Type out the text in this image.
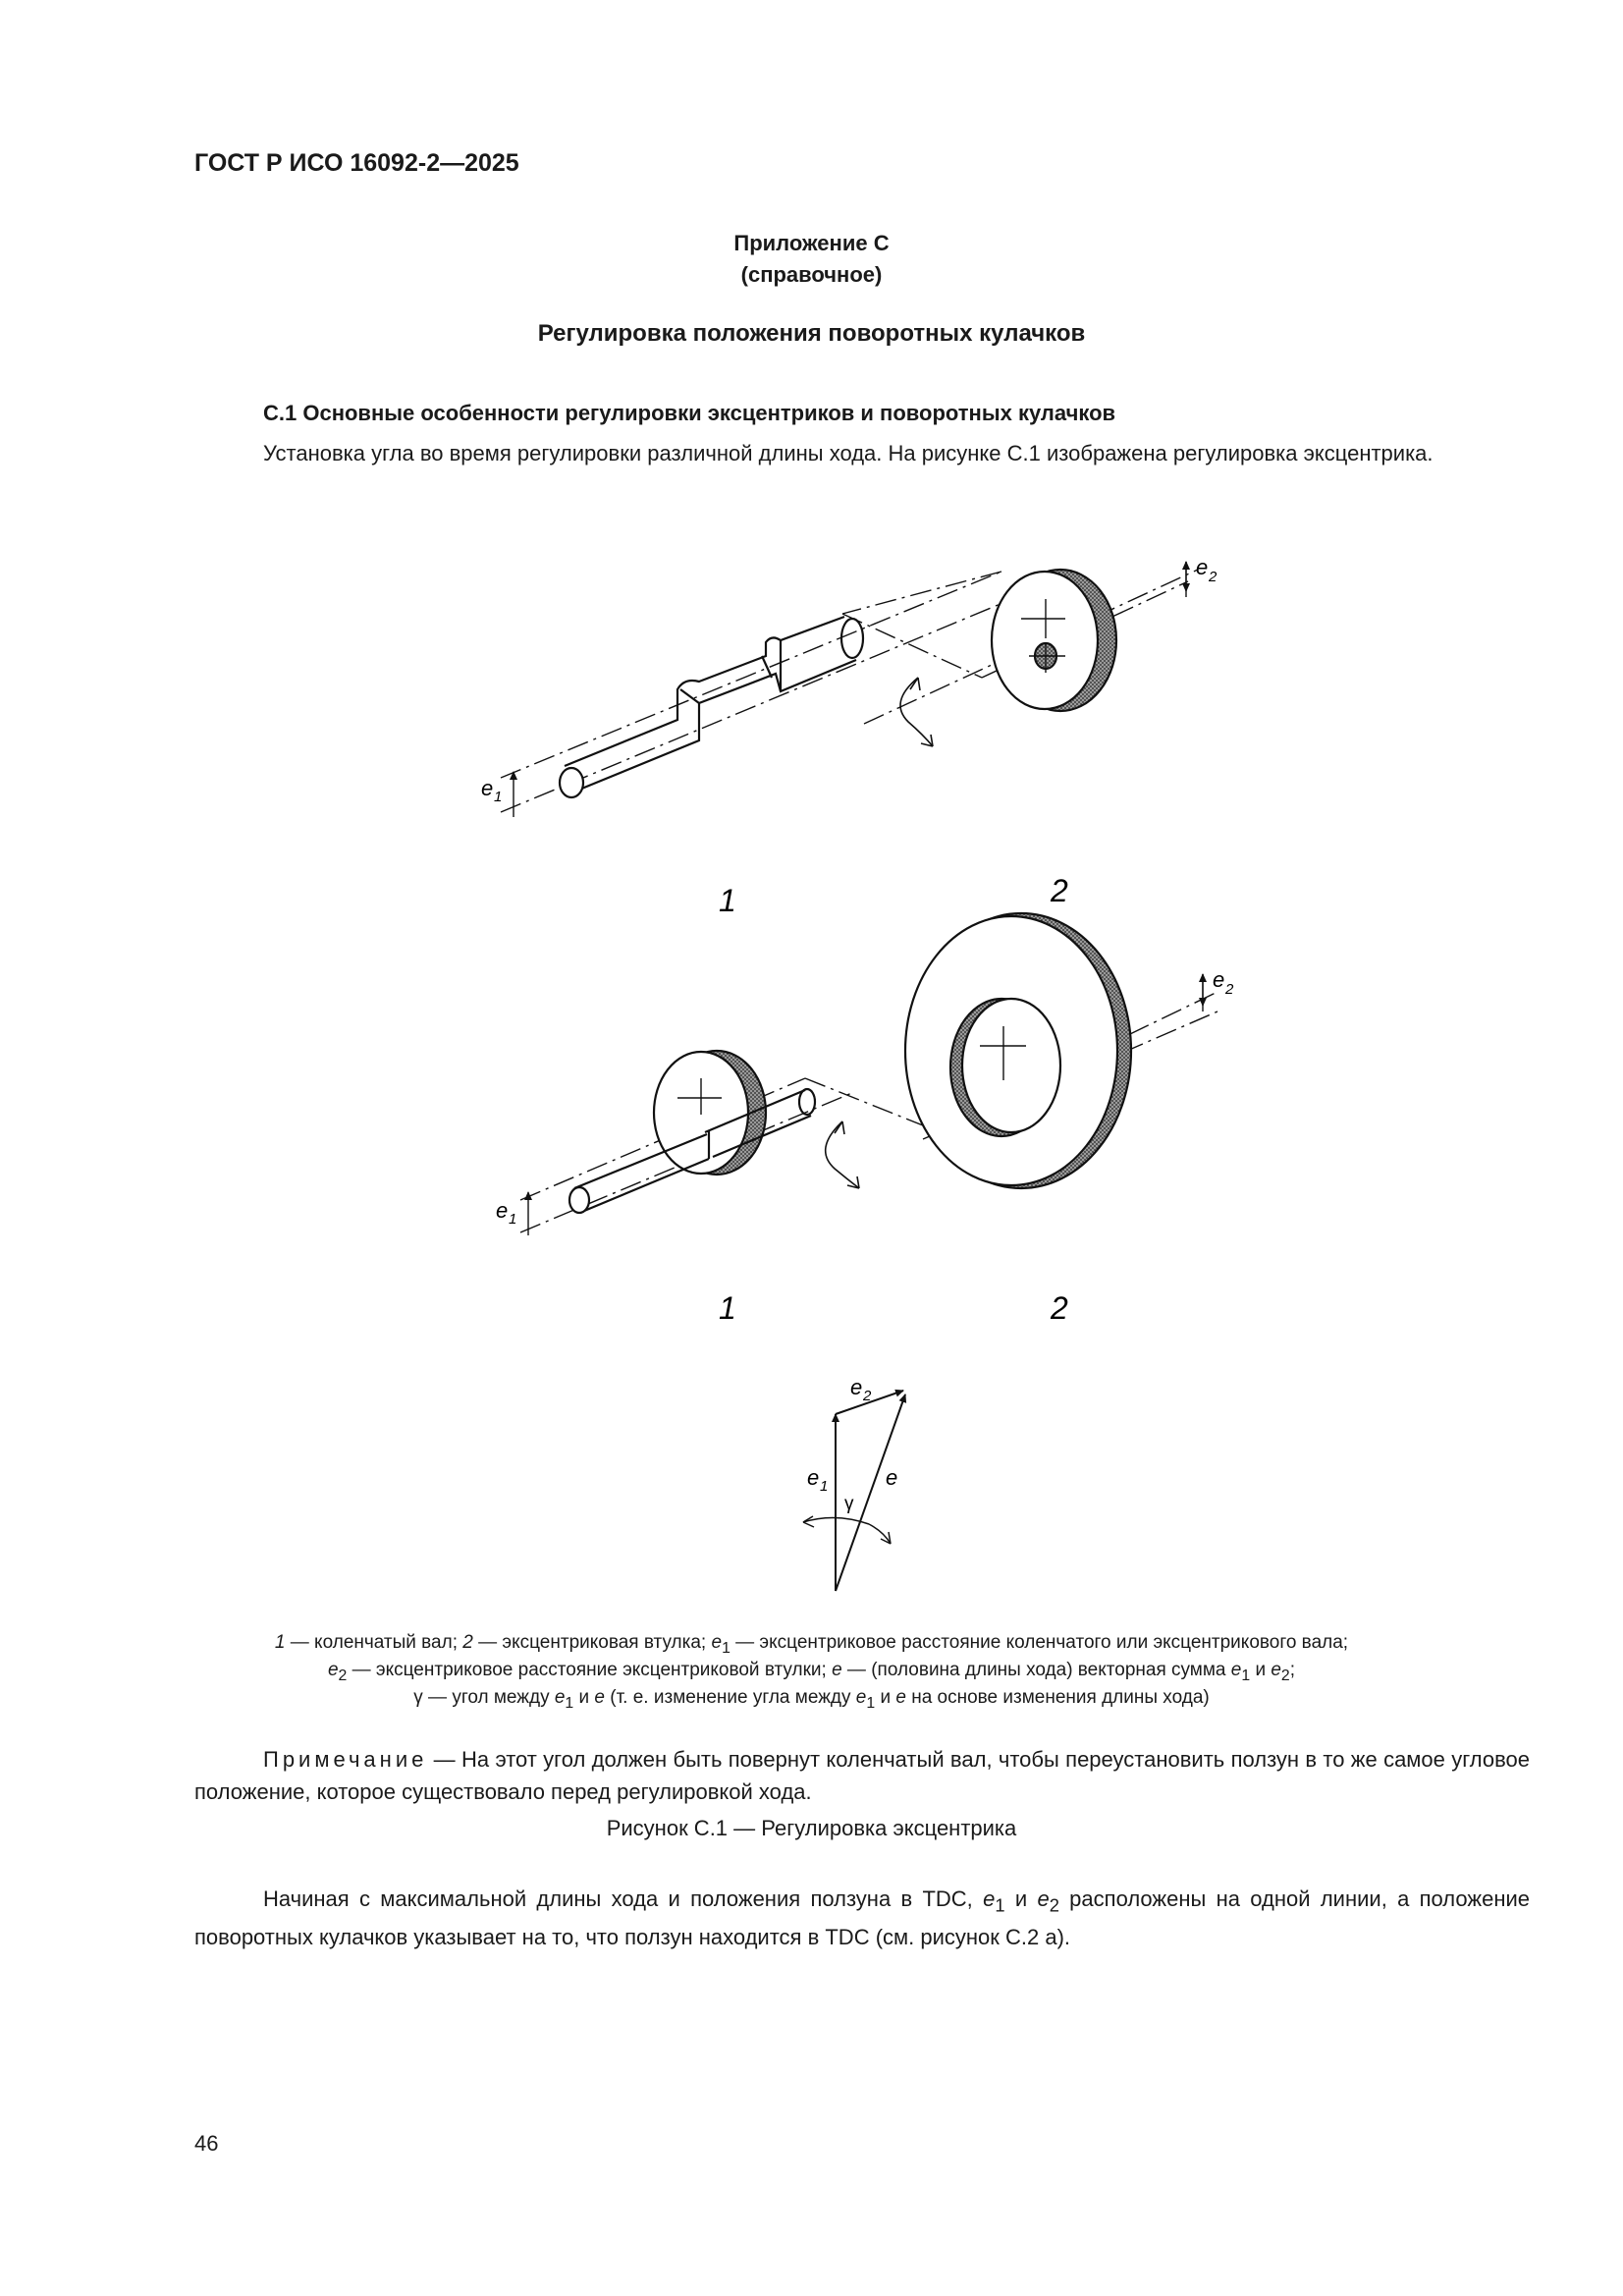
ГОСТ Р ИСО 16092-2—2025
Приложение С
(справочное)
Регулировка положения поворотных кулачков
С.1 Основные особенности регулировки эксцентриков и поворотных кулачков
Установка угла во время регулировки различной длины хода. На рисунке С.1 изображена регулировка эксцентрика.
e 1
e 2
1	2
e 1
e 2
1	2
e 2
e 1	e
γ
1 — коленчатый вал; 2 — эксцентриковая втулка; $e_1$ — эксцентриковое расстояние коленчатого или эксцентрикового вала;
$e_2$ — эксцентриковое расстояние эксцентриковой втулки; e — (половина длины хода) векторная сумма $e_1$ и $e_2$;
γ — угол между $e_1$ и e (т. е. изменение угла между $e_1$ и e на основе изменения длины хода)
Примечание — На этот угол должен быть повернут коленчатый вал, чтобы переустановить ползун в то же самое угловое положение, которое существовало перед регулировкой хода.
Рисунок С.1 — Регулировка эксцентрика
Начиная с максимальной длины хода и положения ползуна в TDC, $e_1$ и $e_2$ расположены на одной линии, а положение поворотных кулачков указывает на то, что ползун находится в TDC (см. рисунок С.2 а).
46
